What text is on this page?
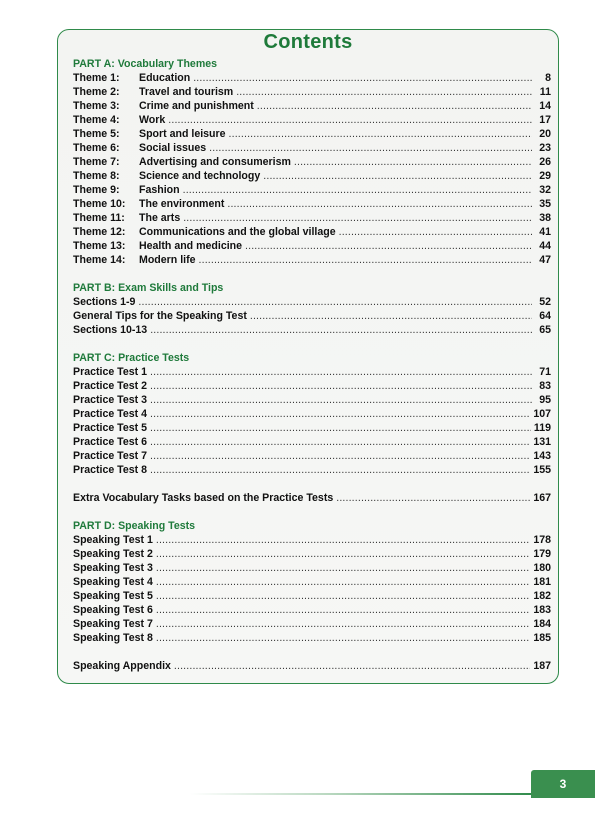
Contents
PART A: Vocabulary Themes
Theme 1:	Education . . .	8
Theme 2:	Travel and tourism . . .	11
Theme 3:	Crime and punishment . . .	14
Theme 4:	Work . . .	17
Theme 5:	Sport and leisure . . .	20
Theme 6:	Social issues . . .	23
Theme 7:	Advertising and consumerism . . .	26
Theme 8:	Science and technology . . .	29
Theme 9:	Fashion . . .	32
Theme 10:	The environment . . .	35
Theme 11:	The arts . . .	38
Theme 12:	Communications and the global village . . .	41
Theme 13:	Health and medicine . . .	44
Theme 14:	Modern life . . .	47
PART B: Exam Skills and Tips
Sections 1-9 . . .	52
General Tips for the Speaking Test . . .	64
Sections 10-13 . . .	65
PART C: Practice Tests
Practice Test 1 . . .	71
Practice Test 2 . . .	83
Practice Test 3 . . .	95
Practice Test 4 . . .	107
Practice Test 5 . . .	119
Practice Test 6 . . .	131
Practice Test 7 . . .	143
Practice Test 8 . . .	155
Extra Vocabulary Tasks based on the Practice Tests . . .	167
PART D: Speaking Tests
Speaking Test 1 . . .	178
Speaking Test 2 . . .	179
Speaking Test 3 . . .	180
Speaking Test 4 . . .	181
Speaking Test 5 . . .	182
Speaking Test 6 . . .	183
Speaking Test 7 . . .	184
Speaking Test 8 . . .	185
Speaking Appendix . . .	187
3
